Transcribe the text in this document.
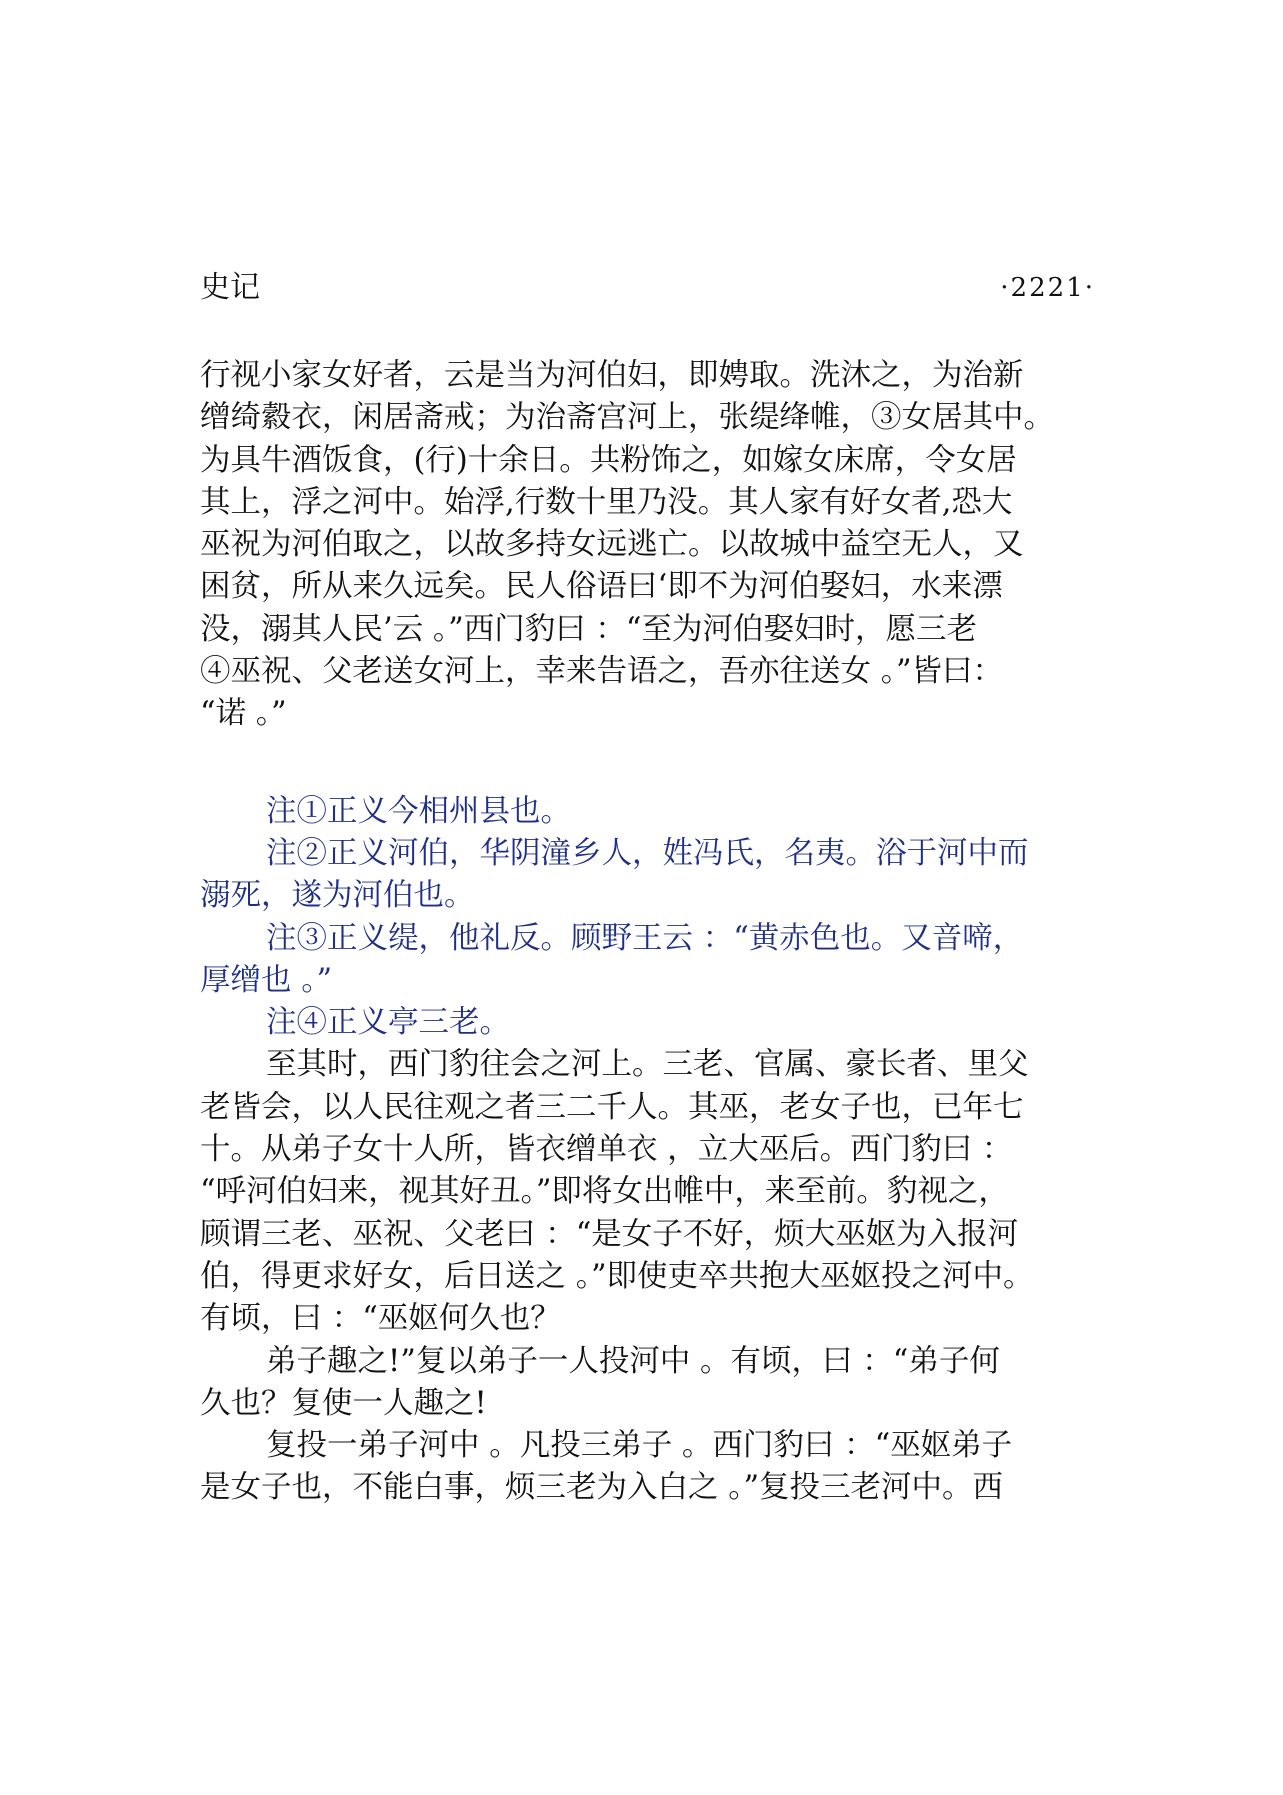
史记	·2221·
行视小家女好者，云是当为河伯妇，即娉取。洗沐之，为治新
缯绮縠衣，闲居斋戒；为治斋宫河上，张缇绛帷，③女居其中。
为具牛酒饭食，(行)十余日。共粉饰之，如嫁女床席，令女居
其上，浮之河中。始浮,行数十里乃没。其人家有好女者,恐大
巫祝为河伯取之，以故多持女远逃亡。以故城中益空无人，又
困贫，所从来久远矣。民人俗语曰‘即不为河伯娶妇，水来漂
没，溺其人民’云 。”西门豹曰 ：“至为河伯娶妇时，愿三老
④巫祝、父老送女河上，幸来告语之，吾亦往送女 。”皆曰：
“诺 。”
注①正义今相州县也。
注②正义河伯，华阴潼乡人，姓冯氏，名夷。浴于河中而
溺死，遂为河伯也。
注③正义缇，他礼反。顾野王云 ：“黄赤色也。又音啼，
厚缯也 。”
注④正义亭三老。
至其时，西门豹往会之河上。三老、官属、豪长者、里父
老皆会，以人民往观之者三二千人。其巫，老女子也，已年七
十。从弟子女十人所，皆衣缯单衣 ，立大巫后。西门豹曰 ：
“呼河伯妇来，视其好丑。”即将女出帷中，来至前。豹视之，
顾谓三老、巫祝、父老曰 ：“是女子不好，烦大巫妪为入报河
伯，得更求好女，后日送之 。”即使吏卒共抱大巫妪投之河中。
有顷，曰 ：“巫妪何久也？
弟子趣之!”复以弟子一人投河中 。有顷，曰 ：“弟子何
久也？复使一人趣之!
复投一弟子河中 。凡投三弟子 。西门豹曰 ：“巫妪弟子
是女子也，不能白事，烦三老为入白之 。”复投三老河中。西
